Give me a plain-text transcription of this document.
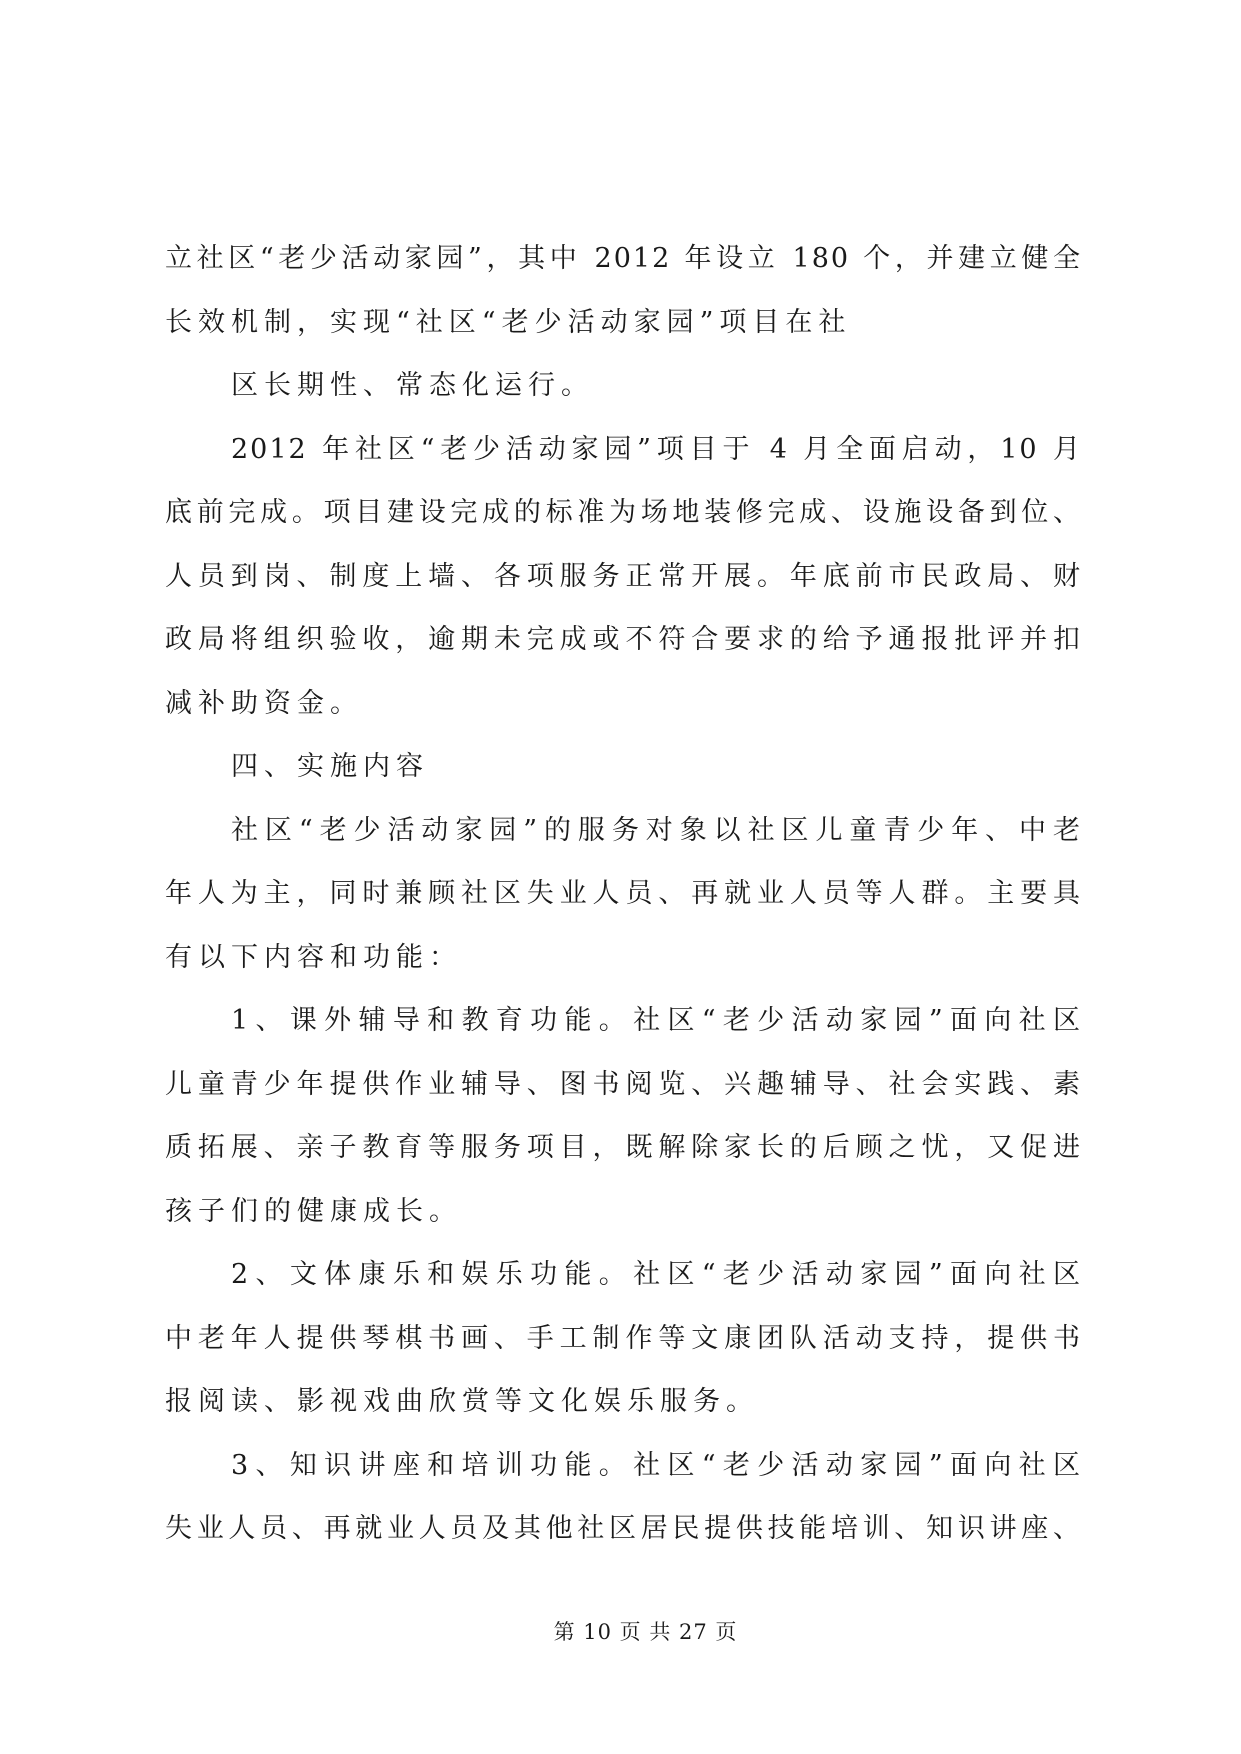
立社区“老少活动家园”，其中 2012 年设立 180 个，并建立健全
长效机制，实现“社区“老少活动家园”项目在社
区长期性、常态化运行。
2012 年社区“老少活动家园”项目于 4 月全面启动，10 月
底前完成。项目建设完成的标准为场地装修完成、设施设备到位、
人员到岗、制度上墙、各项服务正常开展。年底前市民政局、财
政局将组织验收，逾期未完成或不符合要求的给予通报批评并扣
减补助资金。
四、实施内容
社区“老少活动家园”的服务对象以社区儿童青少年、中老
年人为主，同时兼顾社区失业人员、再就业人员等人群。主要具
有以下内容和功能：
1、课外辅导和教育功能。社区“老少活动家园”面向社区
儿童青少年提供作业辅导、图书阅览、兴趣辅导、社会实践、素
质拓展、亲子教育等服务项目，既解除家长的后顾之忧，又促进
孩子们的健康成长。
2、文体康乐和娱乐功能。社区“老少活动家园”面向社区
中老年人提供琴棋书画、手工制作等文康团队活动支持，提供书
报阅读、影视戏曲欣赏等文化娱乐服务。
3、知识讲座和培训功能。社区“老少活动家园”面向社区
失业人员、再就业人员及其他社区居民提供技能培训、知识讲座、
第 10 页 共 27 页
